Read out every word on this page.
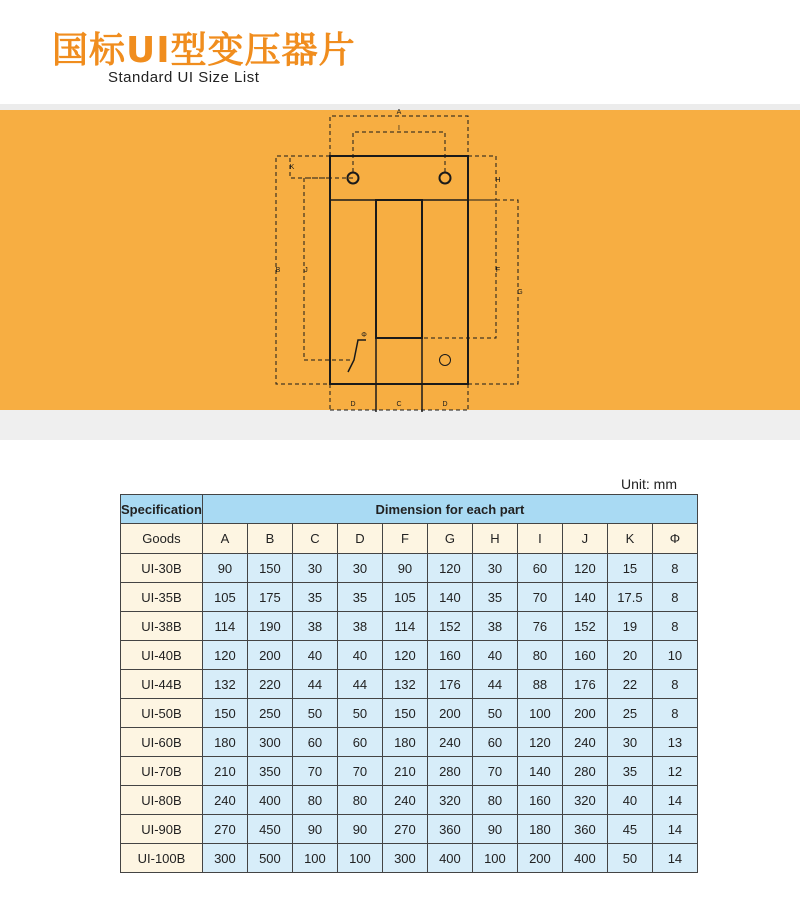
国标UI型变压器片
Standard UI Size List
A
I
K
H
B	J	F
G
Φ
D	C	D
Unit: mm
Specification	Dimension for each part										
Goods	A	B	C	D	F	G	H	I	J	K	Φ
UI-30B	90	150	30	30	90	120	30	60	120	15	8
UI-35B	105	175	35	35	105	140	35	70	140	17.5	8
UI-38B	114	190	38	38	114	152	38	76	152	19	8
UI-40B	120	200	40	40	120	160	40	80	160	20	10
UI-44B	132	220	44	44	132	176	44	88	176	22	8
UI-50B	150	250	50	50	150	200	50	100	200	25	8
UI-60B	180	300	60	60	180	240	60	120	240	30	13
UI-70B	210	350	70	70	210	280	70	140	280	35	12
UI-80B	240	400	80	80	240	320	80	160	320	40	14
UI-90B	270	450	90	90	270	360	90	180	360	45	14
UI-100B	300	500	100	100	300	400	100	200	400	50	14
